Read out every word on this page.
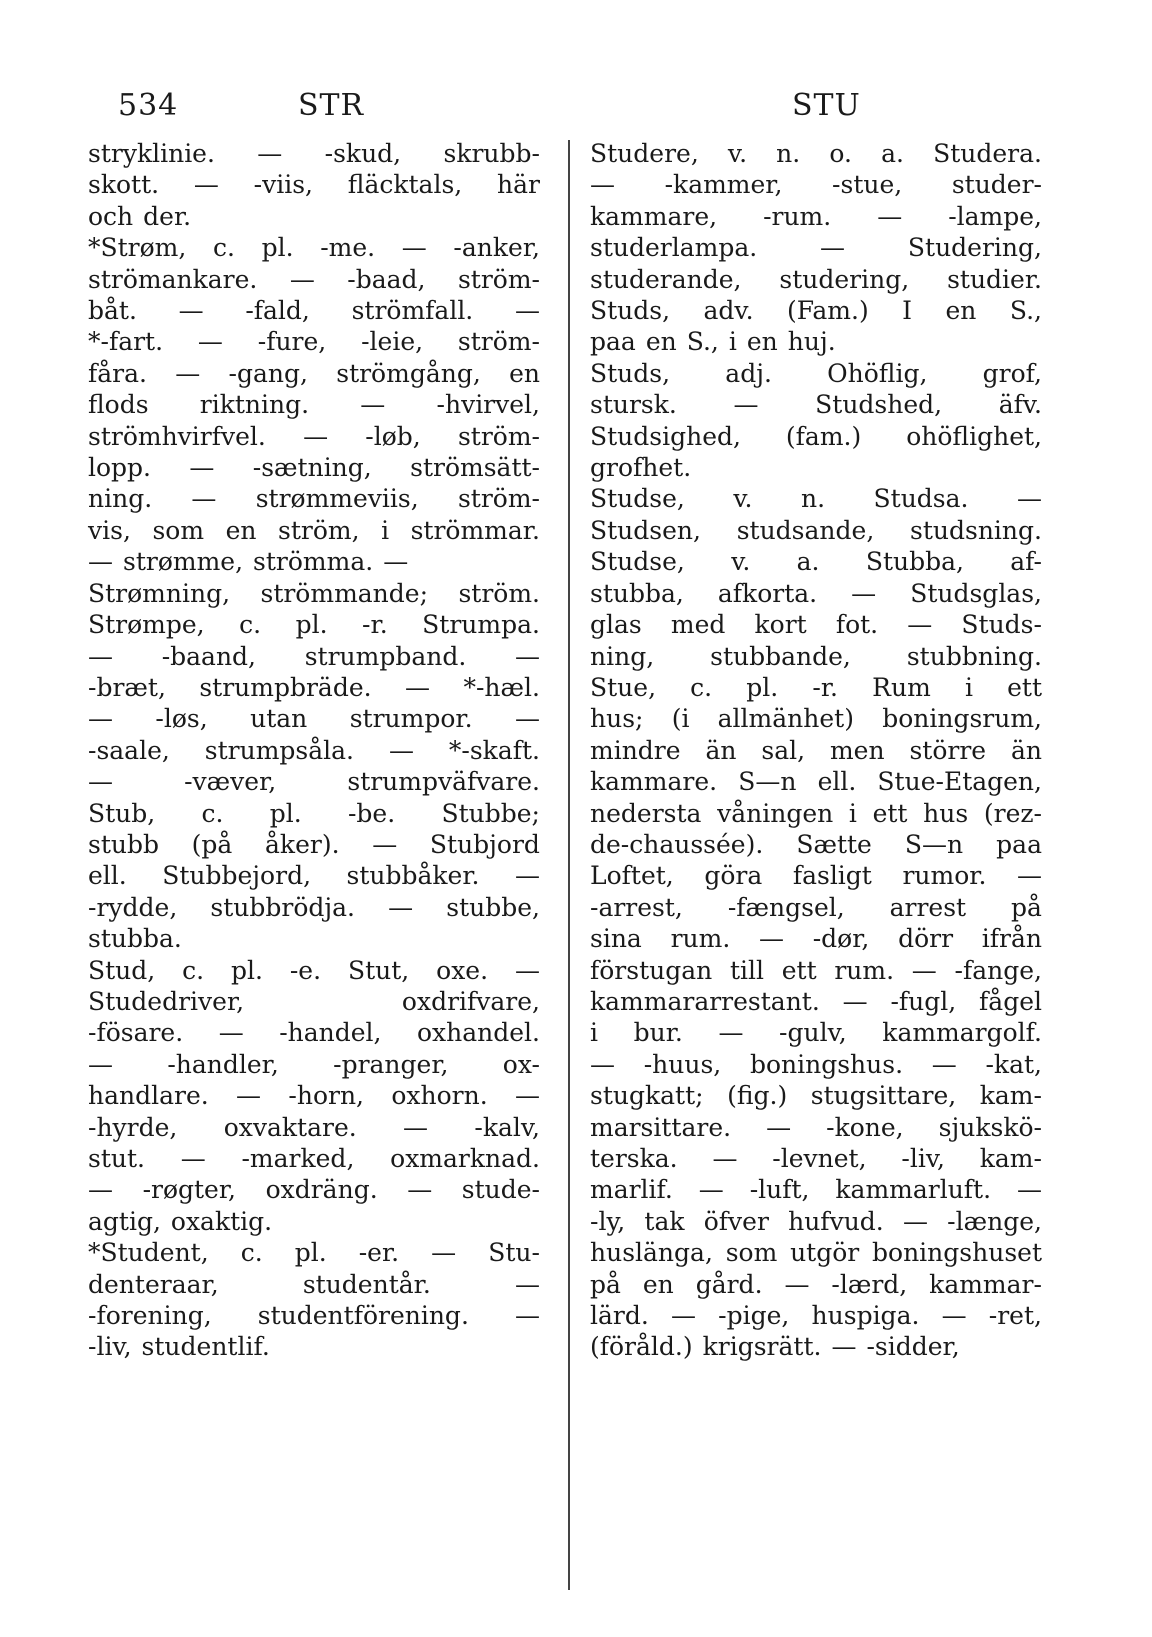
534	STR	STU
stryklinie. — -skud, skrubb-
skott. — -viis, fläcktals, här
och der.
*Strøm, c. pl. -me. — -anker,
strömankare. — -baad, ström-
båt. — -fald, strömfall. —
*-fart. — -fure, -leie, ström-
fåra. — -gang, strömgång, en
flods riktning. — -hvirvel,
strömhvirfvel. — -løb, ström-
lopp. — -sætning, strömsätt-
ning. — strømmeviis, ström-
vis, som en ström, i strömmar.
— strømme, strömma. —
Strømning, strömmande; ström.
Strømpe, c. pl. -r. Strumpa.
— -baand, strumpband. —
-bræt, strumpbräde. — *-hæl.
— -løs, utan strumpor. —
-saale, strumpsåla. — *-skaft.
—	-væver,	strumpväfvare.
Stub, c. pl. -be. Stubbe;
stubb (på åker). — Stubjord
ell. Stubbejord, stubbåker. —
-rydde, stubbrödja. — stubbe,
stubba.
Stud, c. pl. -e. Stut, oxe. —
Studedriver,	oxdrifvare,
-fösare. — -handel, oxhandel.
— -handler, -pranger, ox-
handlare. — -horn, oxhorn. —
-hyrde, oxvaktare. — -kalv,
stut. — -marked, oxmarknad.
— -røgter, oxdräng. — stude-
agtig, oxaktig.
*Student, c. pl. -er. — Stu-
denteraar,	studentår.	—
-forening, studentförening. —
-liv, studentlif.
Studere, v. n. o. a. Studera.
— -kammer, -stue, studer-
kammare, -rum. — -lampe,
studerlampa.	—	Studering,
studerande, studering, studier.
Studs, adv. (Fam.) I en S.,
paa en S., i en huj.
Studs, adj. Ohöflig, grof,
stursk. — Studshed, äfv.
Studsighed, (fam.) ohöflighet,
grofhet.
Studse, v. n. Studsa. —
Studsen, studsande, studsning.
Studse, v. a. Stubba, af-
stubba, afkorta. — Studsglas,
glas med kort fot. — Studs-
ning, stubbande, stubbning.
Stue, c. pl. -r. Rum i ett
hus; (i allmänhet) boningsrum,
mindre än sal, men större än
kammare. S—n ell. Stue-Etagen,
nedersta våningen i ett hus (rez-
de-chaussée). Sætte S—n paa
Loftet, göra fasligt rumor. —
-arrest, -fængsel, arrest på
sina rum. — -dør, dörr ifrån
förstugan till ett rum. — -fange,
kammararrestant. — -fugl, fågel
i bur. — -gulv, kammargolf.
— -huus, boningshus. — -kat,
stugkatt; (fig.) stugsittare, kam-
marsittare. — -kone, sjukskö-
terska. — -levnet, -liv, kam-
marlif. — -luft, kammarluft. —
-ly, tak öfver hufvud. — -længe,
huslänga, som utgör boningshuset
på en gård. — -lærd, kammar-
lärd. — -pige, huspiga. — -ret,
(föråld.) krigsrätt. — -sidder,
